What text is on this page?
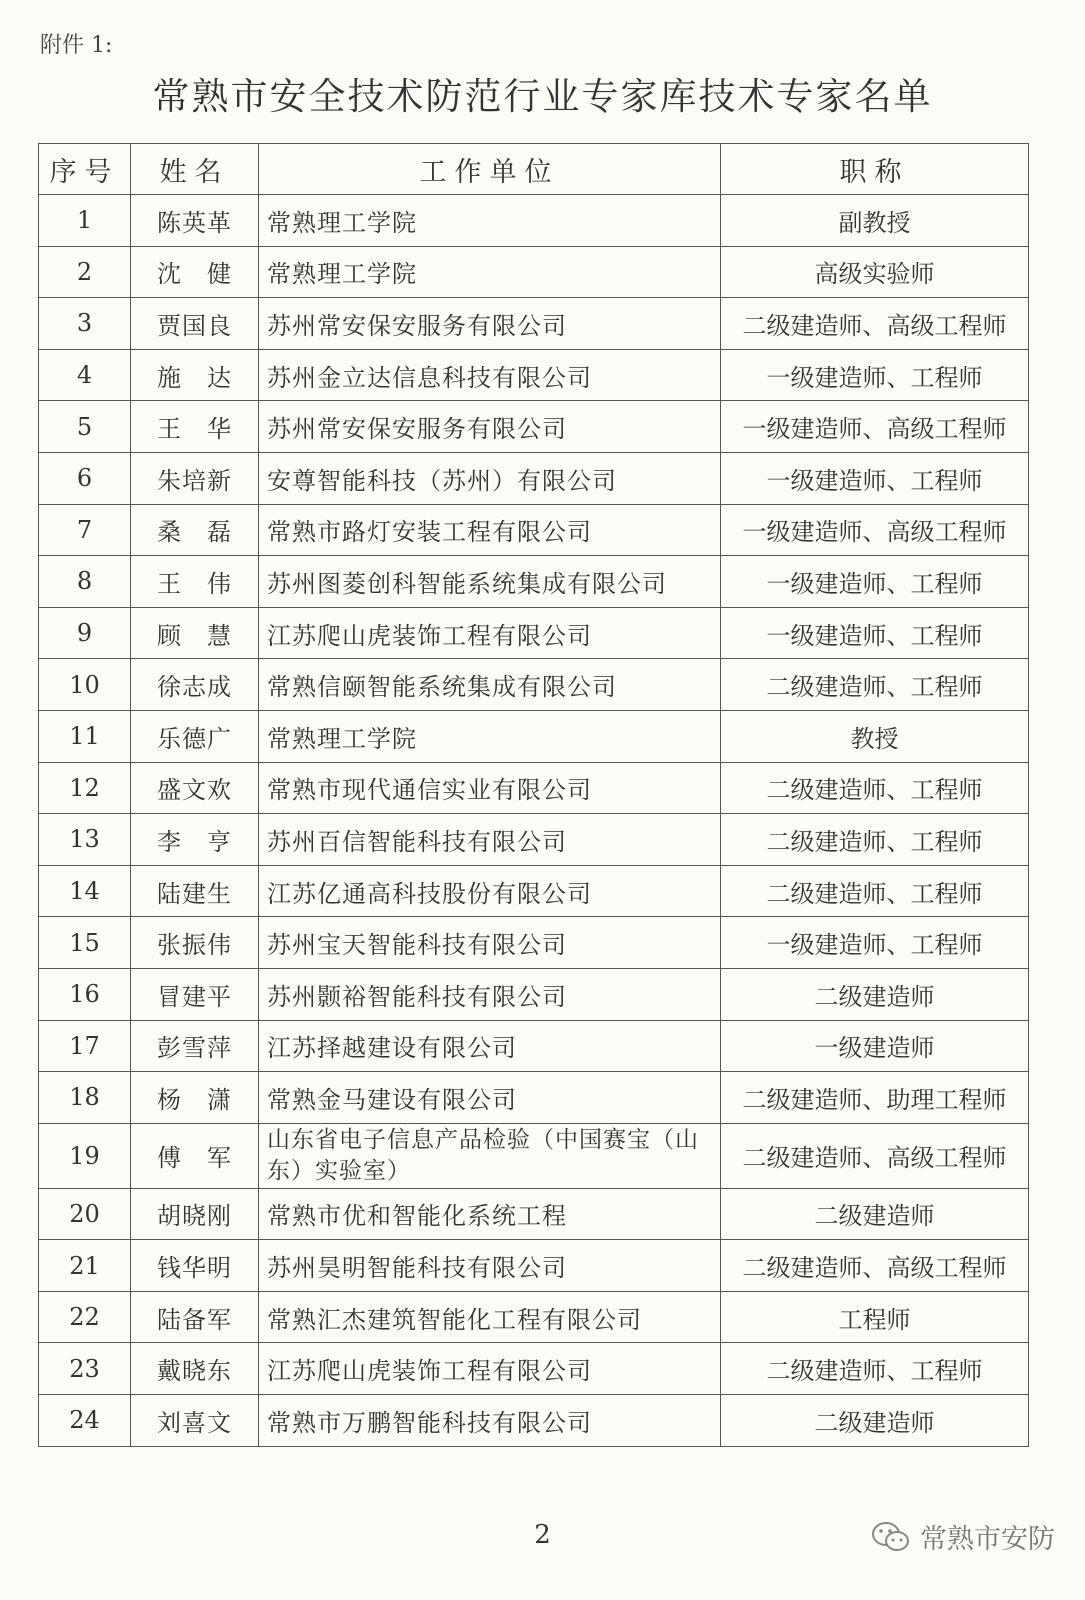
附件 1:
常熟市安全技术防范行业专家库技术专家名单
序号	姓名	工作单位	职称
1	陈英革	常熟理工学院	副教授
2	沈　健	常熟理工学院	高级实验师
3	贾国良	苏州常安保安服务有限公司	二级建造师、高级工程师
4	施　达	苏州金立达信息科技有限公司	一级建造师、工程师
5	王　华	苏州常安保安服务有限公司	一级建造师、高级工程师
6	朱培新	安尊智能科技（苏州）有限公司	一级建造师、工程师
7	桑　磊	常熟市路灯安装工程有限公司	一级建造师、高级工程师
8	王　伟	苏州图菱创科智能系统集成有限公司	一级建造师、工程师
9	顾　慧	江苏爬山虎装饰工程有限公司	一级建造师、工程师
10	徐志成	常熟信颐智能系统集成有限公司	二级建造师、工程师
11	乐德广	常熟理工学院	教授
12	盛文欢	常熟市现代通信实业有限公司	二级建造师、工程师
13	李　亨	苏州百信智能科技有限公司	二级建造师、工程师
14	陆建生	江苏亿通高科技股份有限公司	二级建造师、工程师
15	张振伟	苏州宝天智能科技有限公司	一级建造师、工程师
16	冒建平	苏州颢裕智能科技有限公司	二级建造师
17	彭雪萍	江苏择越建设有限公司	一级建造师
18	杨　潇	常熟金马建设有限公司	二级建造师、助理工程师
19	傅　军	山东省电子信息产品检验（中国赛宝（山东）实验室）	二级建造师、高级工程师
20	胡晓刚	常熟市优和智能化系统工程	二级建造师
21	钱华明	苏州昊明智能科技有限公司	二级建造师、高级工程师
22	陆备军	常熟汇杰建筑智能化工程有限公司	工程师
23	戴晓东	江苏爬山虎装饰工程有限公司	二级建造师、工程师
24	刘喜文	常熟市万鹏智能科技有限公司	二级建造师
2	常熟市安防
